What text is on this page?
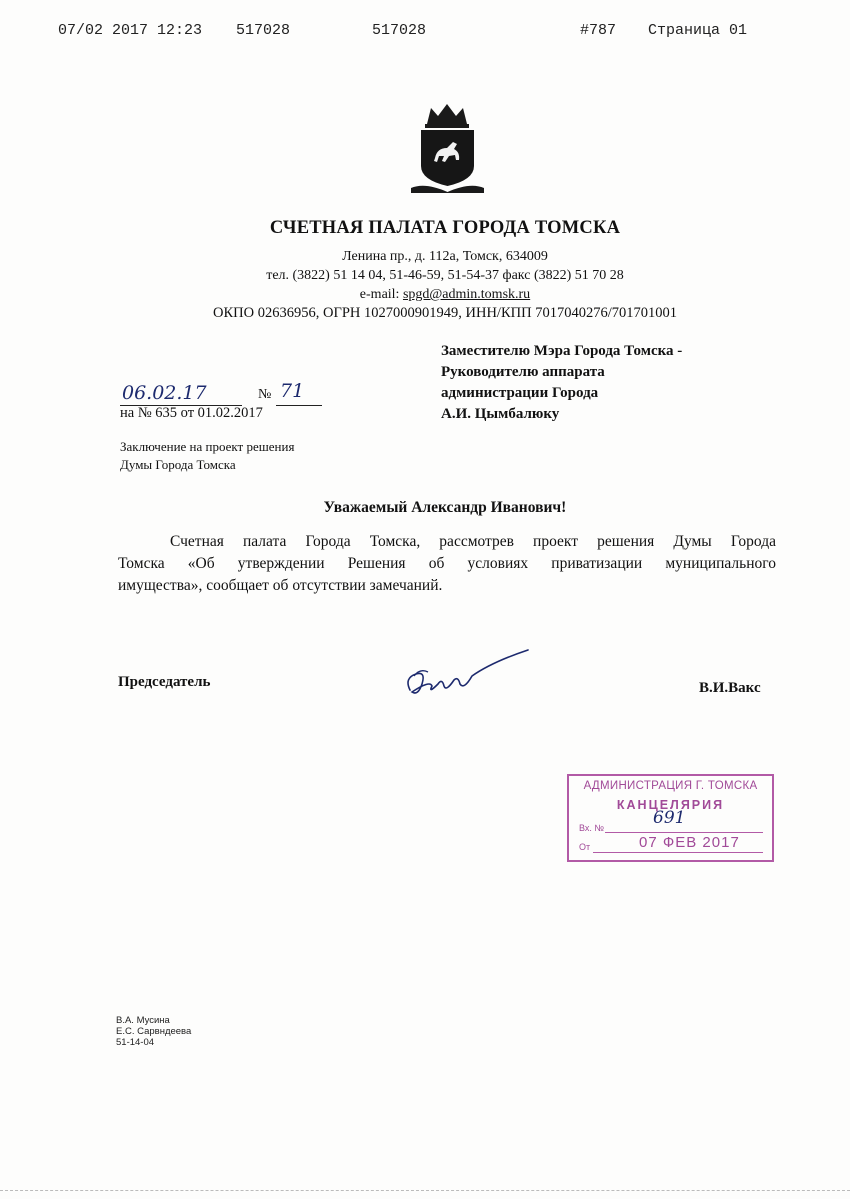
07/02 2017 12:23 517028	517028	#787 Страница 01
СЧЕТНАЯ ПАЛАТА ГОРОДА ТОМСКА
Ленина пр., д. 112а, Томск, 634009
тел. (3822) 51 14 04, 51-46-59, 51-54-37 факс (3822) 51 70 28
e-mail: spgd@admin.tomsk.ru
ОКПО 02636956, ОГРН 1027000901949, ИНН/КПП 7017040276/701701001
Заместителю Мэра Города Томска -
Руководителю аппарата
администрации Города
А.И. Цымбалюку
06.02.17	№ 71
на № 635 от 01.02.2017
Заключение на проект решения
Думы Города Томска
Уважаемый Александр Иванович!
Счетная палата Города Томска, рассмотрев проект решения Думы Города
Томска «Об утверждении Решения об условиях приватизации муниципального
имущества», сообщает об отсутствии замечаний.
Председатель	В.И.Вакс
АДМИНИСТРАЦИЯ Г. ТОМСКА
КАНЦЕЛЯРИЯ
Вх. №	691
От	07 ФЕВ 2017
В.А. Мусина
Е.С. Сарвндеева
51-14-04
